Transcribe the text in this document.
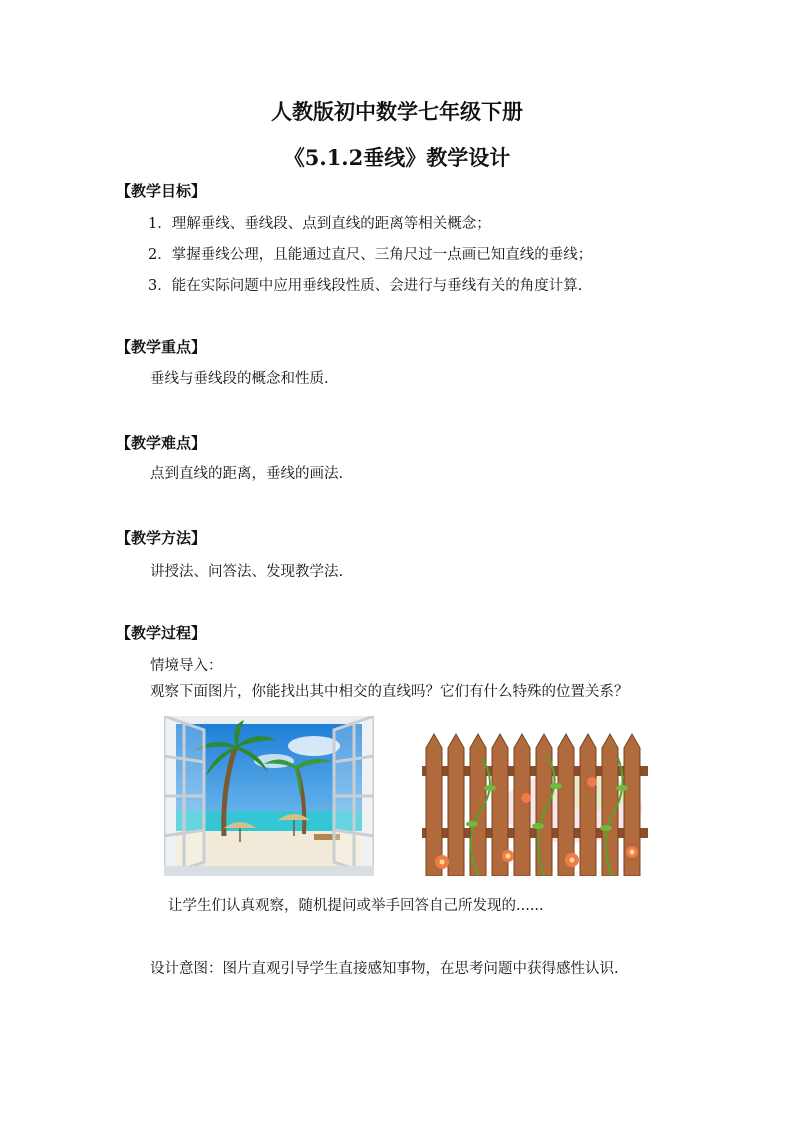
人教版初中数学七年级下册
《5.1.2垂线》教学设计
【教学目标】
1．理解垂线、垂线段、点到直线的距离等相关概念；
2．掌握垂线公理，且能通过直尺、三角尺过一点画已知直线的垂线；
3．能在实际问题中应用垂线段性质、会进行与垂线有关的角度计算.
【教学重点】
垂线与垂线段的概念和性质.
【教学难点】
点到直线的距离，垂线的画法.
【教学方法】
讲授法、问答法、发现教学法.
【教学过程】
情境导入：
观察下面图片，你能找出其中相交的直线吗？它们有什么特殊的位置关系？
让学生们认真观察，随机提问或举手回答自己所发现的......
设计意图：图片直观引导学生直接感知事物，在思考问题中获得感性认识.
